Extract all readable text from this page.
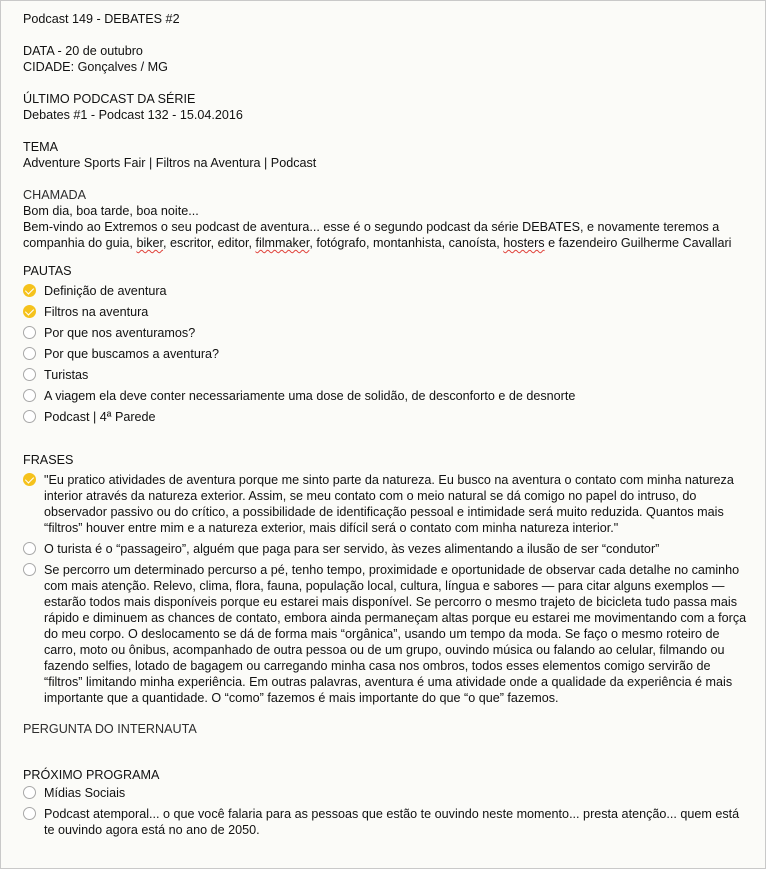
Podcast 149 - DEBATES #2
DATA - 20 de outubro
CIDADE: Gonçalves / MG
ÚLTIMO PODCAST DA SÉRIE
Debates #1 - Podcast 132 - 15.04.2016
TEMA
Adventure Sports Fair | Filtros na Aventura | Podcast
CHAMADA
Bom dia, boa tarde, boa noite...
Bem-vindo ao Extremos o seu podcast de aventura... esse é o segundo podcast da série DEBATES, e novamente teremos a companhia do guia, biker, escritor, editor, filmmaker, fotógrafo, montanhista, canoísta, hosters e fazendeiro Guilherme Cavallari
PAUTAS
Definição de aventura
Filtros na aventura
Por que nos aventuramos?
Por que buscamos a aventura?
Turistas
A viagem ela deve conter necessariamente uma dose de solidão, de desconforto e de desnorte
Podcast | 4ª Parede
FRASES
"Eu pratico atividades de aventura porque me sinto parte da natureza. Eu busco na aventura o contato com minha natureza interior através da natureza exterior. Assim, se meu contato com o meio natural se dá comigo no papel do intruso, do observador passivo ou do crítico, a possibilidade de identificação pessoal e intimidade será muito reduzida. Quantos mais “filtros” houver entre mim e a natureza exterior, mais difícil será o contato com minha natureza interior."
O turista é o “passageiro”, alguém que paga para ser servido, às vezes alimentando a ilusão de ser “condutor”
Se percorro um determinado percurso a pé, tenho tempo, proximidade e oportunidade de observar cada detalhe no caminho com mais atenção. Relevo, clima, flora, fauna, população local, cultura, língua e sabores — para citar alguns exemplos — estarão todos mais disponíveis porque eu estarei mais disponível. Se percorro o mesmo trajeto de bicicleta tudo passa mais rápido e diminuem as chances de contato, embora ainda permaneçam altas porque eu estarei me movimentando com a força do meu corpo. O deslocamento se dá de forma mais “orgânica”, usando um tempo da moda. Se faço o mesmo roteiro de carro, moto ou ônibus, acompanhado de outra pessoa ou de um grupo, ouvindo música ou falando ao celular, filmando ou fazendo selfies, lotado de bagagem ou carregando minha casa nos ombros, todos esses elementos comigo servirão de “filtros” limitando minha experiência. Em outras palavras, aventura é uma atividade onde a qualidade da experiência é mais importante que a quantidade. O “como” fazemos é mais importante do que “o que” fazemos.
PERGUNTA DO INTERNAUTA
PRÓXIMO PROGRAMA
Mídias Sociais
Podcast atemporal... o que você falaria para as pessoas que estão te ouvindo neste momento... presta atenção... quem está te ouvindo agora está no ano de 2050.
